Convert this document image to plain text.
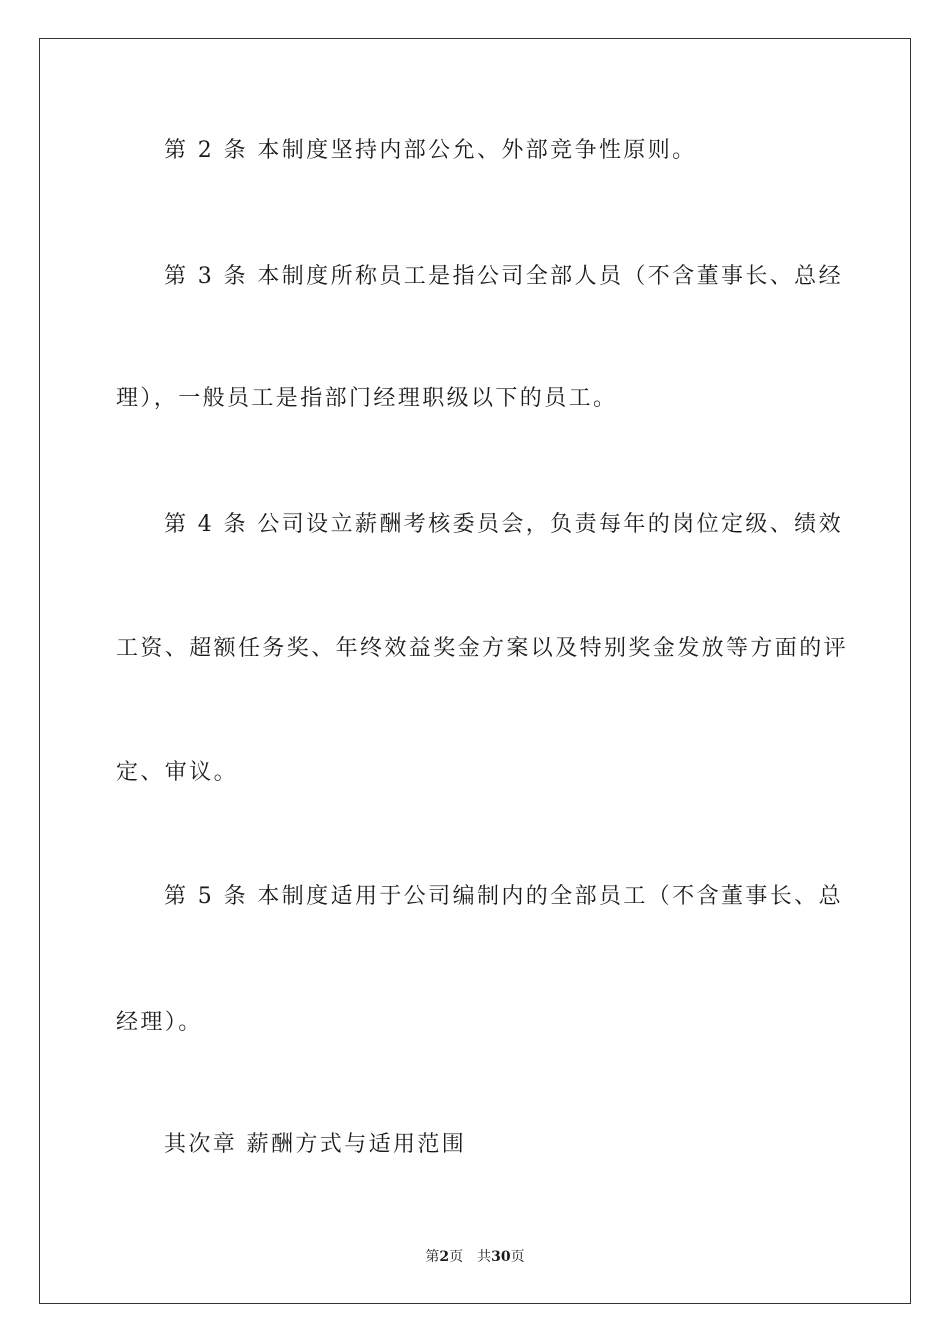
第 2 条 本制度坚持内部公允、外部竞争性原则。
第 3 条 本制度所称员工是指公司全部人员（不含董事长、总经
理），一般员工是指部门经理职级以下的员工。
第 4 条 公司设立薪酬考核委员会，负责每年的岗位定级、绩效
工资、超额任务奖、年终效益奖金方案以及特别奖金发放等方面的评
定、审议。
第 5 条 本制度适用于公司编制内的全部员工（不含董事长、总
经理）。
其次章 薪酬方式与适用范围
第2页 共30页
